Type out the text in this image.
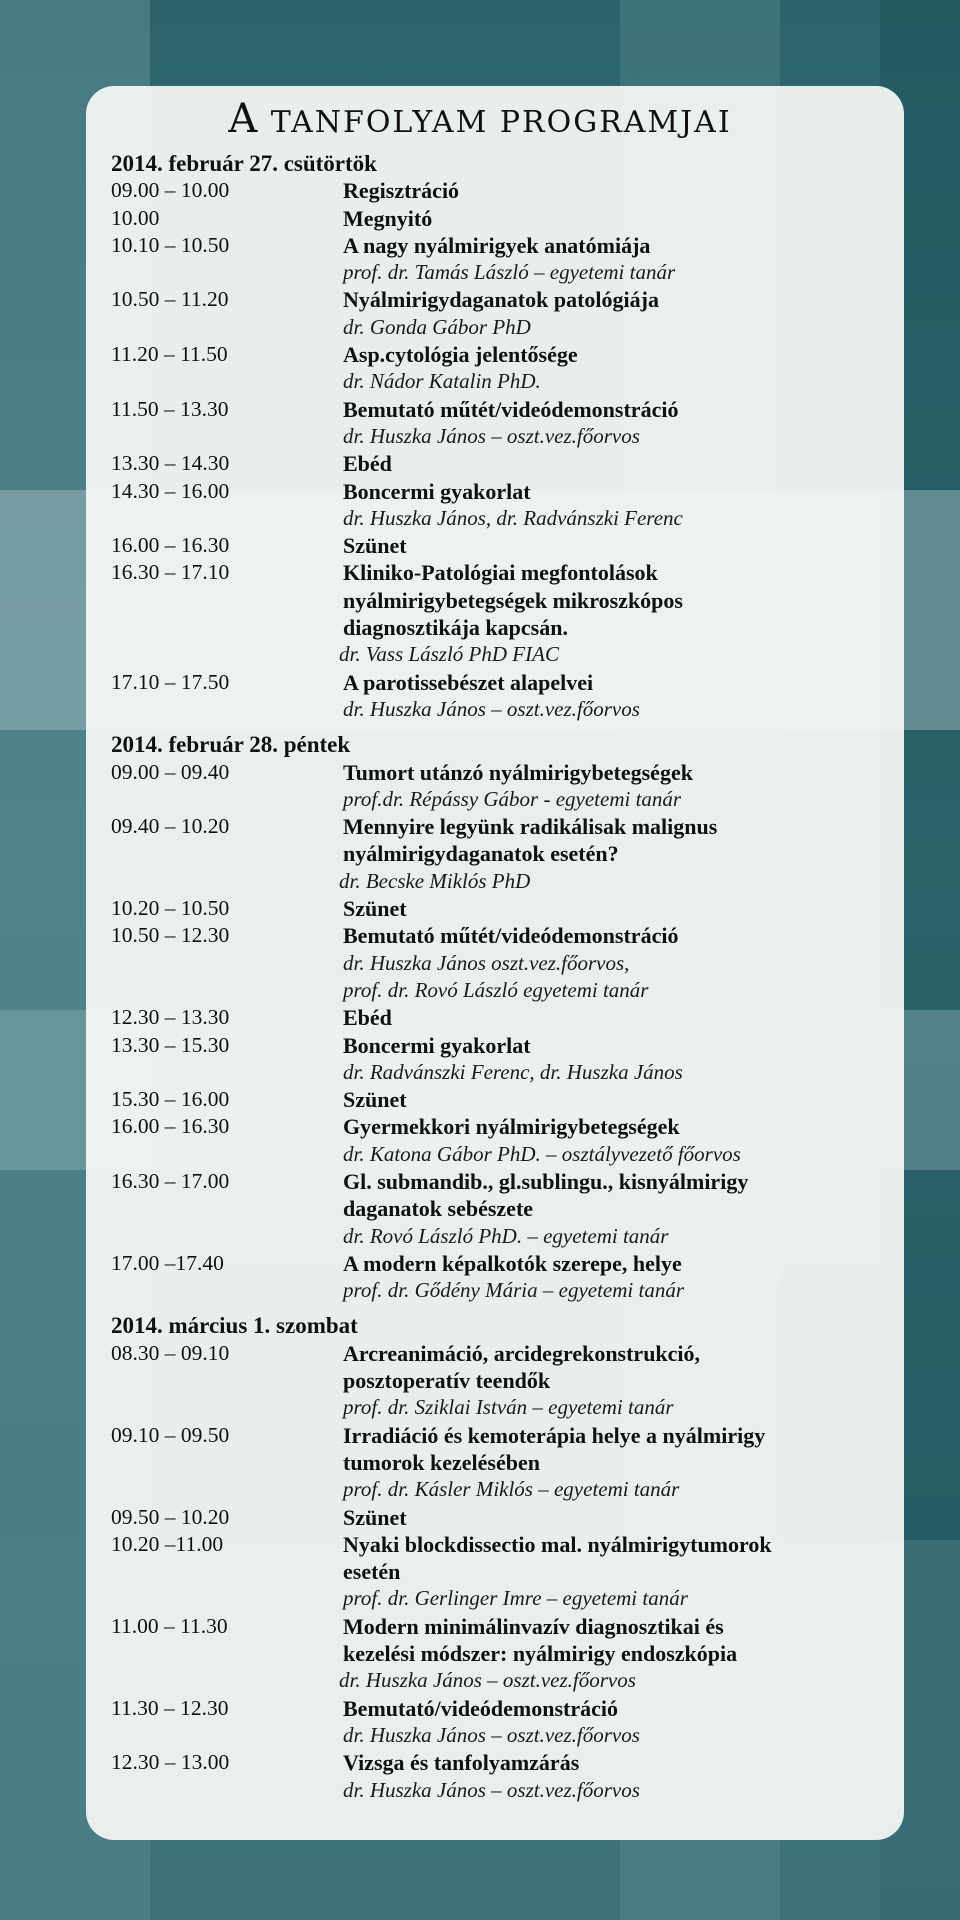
A TANFOLYAM PROGRAMJAI
2014. február 27. csütörtök
09.00 – 10.00	Regisztráció
10.00	Megnyitó
10.10 – 10.50	A nagy nyálmirigyek anatómiája
prof. dr. Tamás László – egyetemi tanár
10.50 – 11.20	Nyálmirigydaganatok patológiája
dr. Gonda Gábor PhD
11.20 – 11.50	Asp.cytológia jelentősége
dr. Nádor Katalin PhD.
11.50 – 13.30	Bemutató műtét/videódemonstráció
dr. Huszka János – oszt.vez.főorvos
13.30 – 14.30	Ebéd
14.30 – 16.00	Boncermi gyakorlat
dr. Huszka János, dr. Radvánszki Ferenc
16.00 – 16.30	Szünet
16.30 – 17.10	Kliniko-Patológiai megfontolások
nyálmirigybetegségek mikroszkópos
diagnosztikája kapcsán.
dr. Vass László PhD FIAC
17.10 – 17.50	A parotissebészet alapelvei
dr. Huszka János – oszt.vez.főorvos
2014. február 28. péntek
09.00 – 09.40	Tumort utánzó nyálmirigybetegségek
prof.dr. Répássy Gábor - egyetemi tanár
09.40 – 10.20	Mennyire legyünk radikálisak malignus
nyálmirigydaganatok esetén?
dr. Becske Miklós PhD
10.20 – 10.50	Szünet
10.50 – 12.30	Bemutató műtét/videódemonstráció
dr. Huszka János oszt.vez.főorvos,
prof. dr. Rovó László egyetemi tanár
12.30 – 13.30	Ebéd
13.30 – 15.30	Boncermi gyakorlat
dr. Radvánszki Ferenc, dr. Huszka János
15.30 – 16.00	Szünet
16.00 – 16.30	Gyermekkori nyálmirigybetegségek
dr. Katona Gábor PhD. – osztályvezető főorvos
16.30 – 17.00	Gl. submandib., gl.sublingu., kisnyálmirigy
daganatok sebészete
dr. Rovó László PhD. – egyetemi tanár
17.00 –17.40	A modern képalkotók szerepe, helye
prof. dr. Gődény Mária – egyetemi tanár
2014. március 1. szombat
08.30 – 09.10	Arcreanimáció, arcidegrekonstrukció,
posztoperatív teendők
prof. dr. Sziklai István – egyetemi tanár
09.10 – 09.50	Irradiáció és kemoterápia helye a nyálmirigy
tumorok kezelésében
prof. dr. Kásler Miklós – egyetemi tanár
09.50 – 10.20	Szünet
10.20 –11.00	Nyaki blockdissectio mal. nyálmirigytumorok
esetén
prof. dr. Gerlinger Imre – egyetemi tanár
11.00 – 11.30	Modern minimálinvazív diagnosztikai és
kezelési módszer: nyálmirigy endoszkópia
dr. Huszka János – oszt.vez.főorvos
11.30 – 12.30	Bemutató/videódemonstráció
dr. Huszka János – oszt.vez.főorvos
12.30 – 13.00	Vizsga és tanfolyamzárás
dr. Huszka János – oszt.vez.főorvos
